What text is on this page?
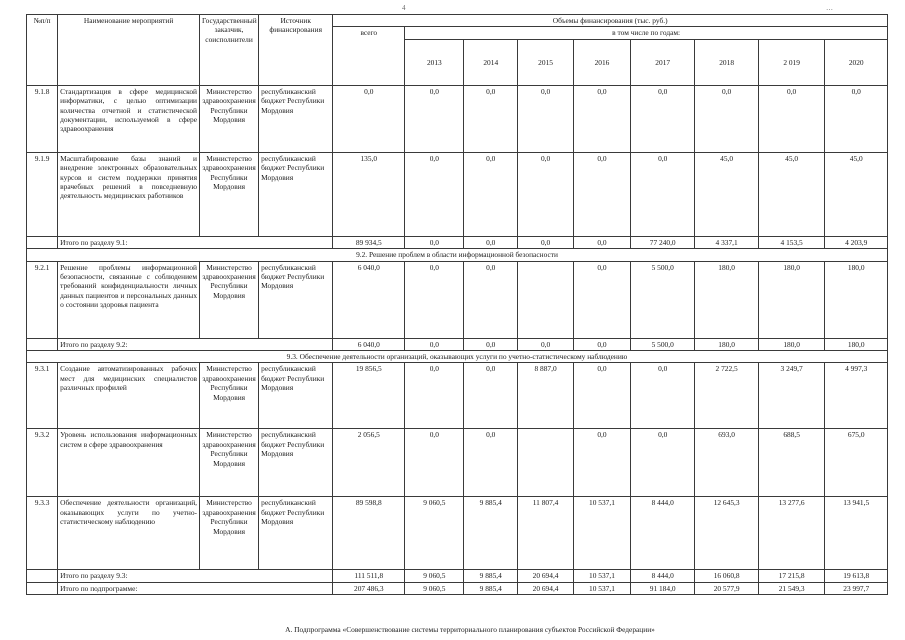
4	…
№п/п	Наименование мероприятий	Государственный заказчик, соисполнители	Источник финансирования	Объемы финансирования (тыс. руб.)								
				всего	в том числе по годам:							
					2013	2014	2015	2016	2017	2018	2 019	2020
9.1.8	Стандартизация в сфере медицинской информатики, с целью оптимизации количества отчетной и статистической документации, используемой в сфере здравоохранения	Министерство здравоохранения Республики Мордовия	республиканский бюджет Республики Мордовия	0,0	0,0	0,0	0,0	0,0	0,0	0,0	0,0	0,0
9.1.9	Масштабирование базы знаний и внедрение электронных образовательных курсов и систем поддержки принятия врачебных решений в повседневную деятельность медицинских работников	Министерство здравоохранения Республики Мордовия	республиканский бюджет Республики Мордовия	135,0	0,0	0,0	0,0	0,0	0,0	45,0	45,0	45,0
	Итого по разделу 9.1:			89 934,5	0,0	0,0	0,0	0,0	77 240,0	4 337,1	4 153,5	4 203,9
9.2. Решение проблем в области информационной безопасности												
9.2.1	Решение проблемы информационной безопасности, связанные с соблюдением требований конфиденциальности личных данных пациентов и персональных данных о состоянии здоровья пациента	Министерство здравоохранения Республики Мордовия	республиканский бюджет Республики Мордовия	6 040,0	0,0	0,0		0,0	5 500,0	180,0	180,0	180,0
	Итого по разделу 9.2:			6 040,0	0,0	0,0	0,0	0,0	5 500,0	180,0	180,0	180,0
9.3. Обеспечение деятельности организаций, оказывающих услуги по учетно-статистическому наблюдению												
9.3.1	Создание автоматизированных рабочих мест для медицинских специалистов различных профилей	Министерство здравоохранения Республики Мордовия	республиканский бюджет Республики Мордовия	19 856,5	0,0	0,0	8 887,0	0,0	0,0	2 722,5	3 249,7	4 997,3
9.3.2	Уровень использования информационных систем в сфере здравоохранения	Министерство здравоохранения Республики Мордовия	республиканский бюджет Республики Мордовия	2 056,5	0,0	0,0		0,0	0,0	693,0	688,5	675,0
9.3.3	Обеспечение деятельности организаций, оказывающих услуги по учетно-статистическому наблюдению	Министерство здравоохранения Республики Мордовия	республиканский бюджет Республики Мордовия	89 598,8	9 060,5	9 885,4	11 807,4	10 537,1	8 444,0	12 645,3	13 277,6	13 941,5
	Итого по разделу 9.3:			111 511,8	9 060,5	9 885,4	20 694,4	10 537,1	8 444,0	16 060,8	17 215,8	19 613,8
	Итого по подпрограмме:			207 486,3	9 060,5	9 885,4	20 694,4	10 537,1	91 184,0	20 577,9	21 549,3	23 997,7
А. Подпрограмма «Совершенствование системы территориального планирования субъектов Российской Федерации»
